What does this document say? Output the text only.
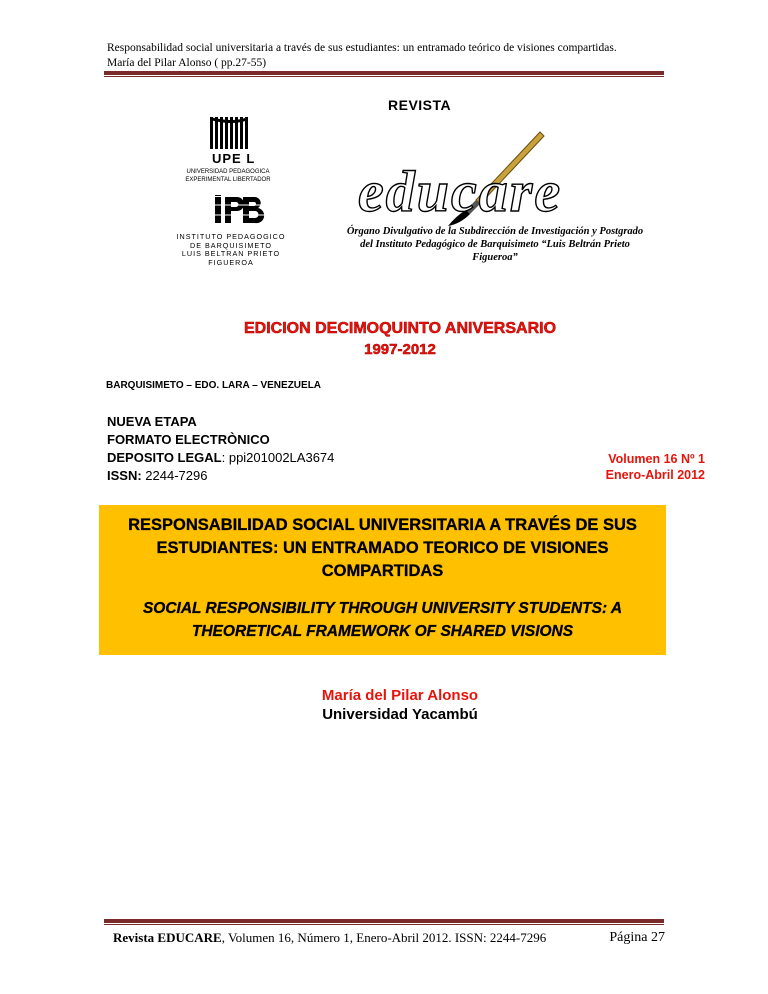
Responsabilidad social universitaria a través de sus estudiantes: un entramado teórico de visiones compartidas.
María del Pilar Alonso ( pp.27-55)
REVISTA
UPE L
UNIVERSIDAD PEDAGOGICA
EXPERIMENTAL LIBERTADOR
INSTITUTO PEDAGOGICO
DE BARQUISIMETO
LUIS BELTRAN PRIETO FIGUEROA
educare
Órgano Divulgativo de la Subdirección de Investigación y Postgrado
del Instituto Pedagógico de Barquisimeto “Luis Beltrán Prieto
Figueroa”
EDICION DECIMOQUINTO ANIVERSARIO
1997-2012
BARQUISIMETO – EDO. LARA – VENEZUELA
NUEVA ETAPA
FORMATO ELECTRÒNICO
DEPOSITO LEGAL: ppi201002LA3674
ISSN: 2244-7296
Volumen 16 Nº 1
Enero-Abril 2012
RESPONSABILIDAD SOCIAL UNIVERSITARIA A TRAVÉS DE SUS
ESTUDIANTES: UN ENTRAMADO TEORICO DE VISIONES
COMPARTIDAS
SOCIAL RESPONSIBILITY THROUGH UNIVERSITY STUDENTS: A
THEORETICAL FRAMEWORK OF SHARED VISIONS
María del Pilar Alonso
Universidad Yacambú
Revista EDUCARE, Volumen 16, Número 1, Enero-Abril 2012. ISSN: 2244-7296	Página 27
